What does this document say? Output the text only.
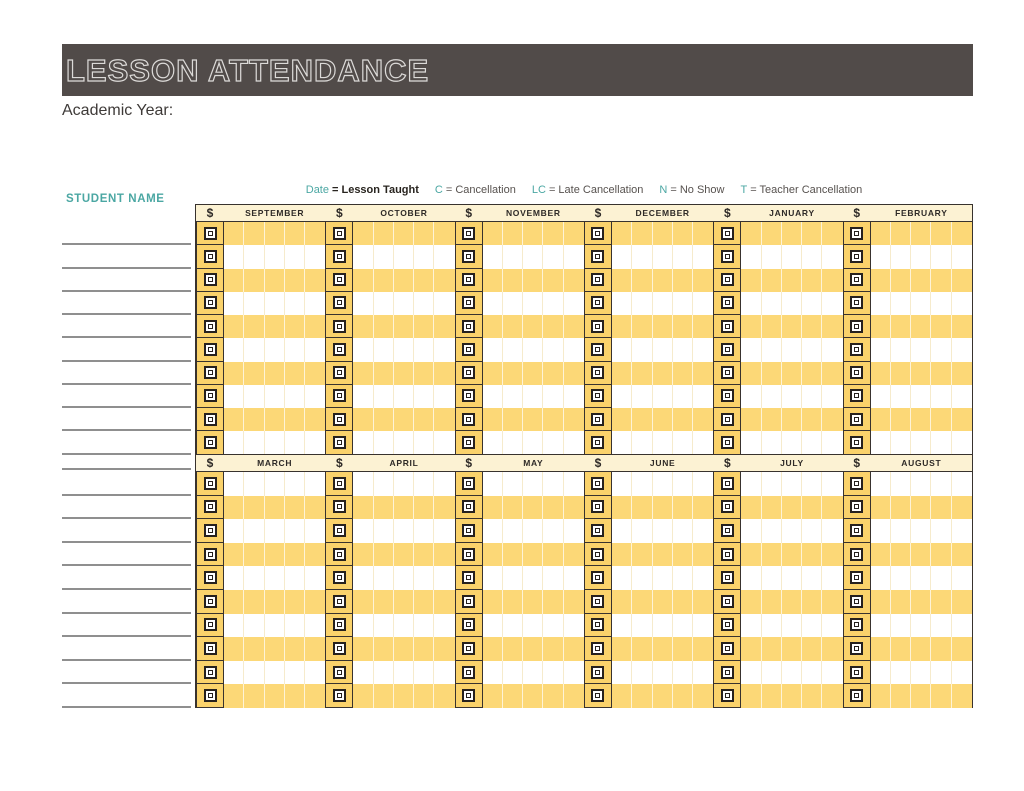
LESSON ATTENDANCE
Academic Year:
Date = Lesson Taught C = Cancellation LC = Late Cancellation N = No Show T = Teacher Cancellation
STUDENT NAME
$	SEPTEMBER	$	OCTOBER	$	NOVEMBER	$	DECEMBER	$	JANUARY	$	FEBRUARY
$	MARCH	$	APRIL	$	MAY	$	JUNE	$	JULY	$	AUGUST
